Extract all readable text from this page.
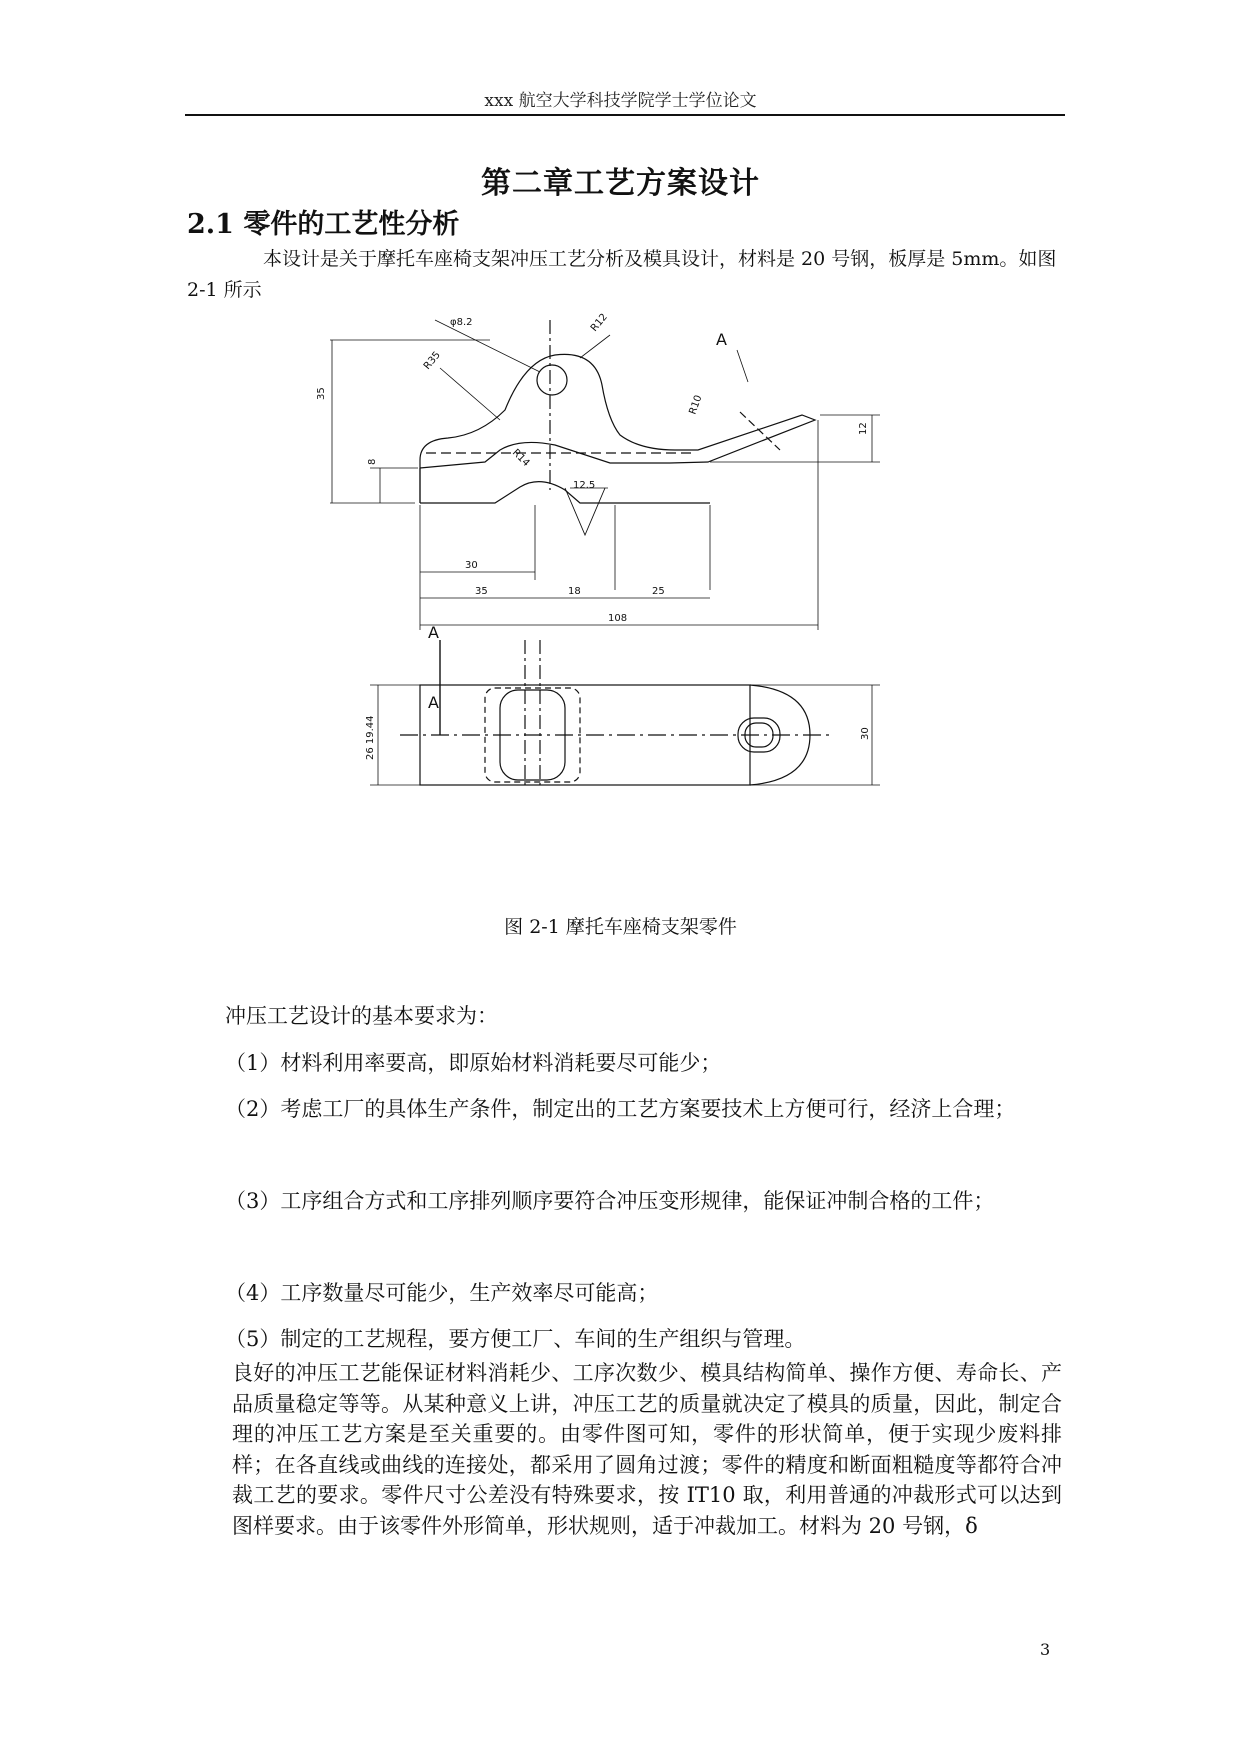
xxx 航空大学科技学院学士学位论文
第二章工艺方案设计
2.1 零件的工艺性分析
本设计是关于摩托车座椅支架冲压工艺分析及模具设计，材料是 20 号钢，板厚是 5mm。如图 2-1 所示
φ8.2	R12
R35
R10
R14
35
8
12
12.5
30
35	18	25
108
30
26 19.44
A
A
A
图 2-1 摩托车座椅支架零件
冲压工艺设计的基本要求为：
（1）材料利用率要高，即原始材料消耗要尽可能少；
（2）考虑工厂的具体生产条件，制定出的工艺方案要技术上方便可行，经济上合理；
（3）工序组合方式和工序排列顺序要符合冲压变形规律，能保证冲制合格的工件；
（4）工序数量尽可能少，生产效率尽可能高；
（5）制定的工艺规程，要方便工厂、车间的生产组织与管理。
良好的冲压工艺能保证材料消耗少、工序次数少、模具结构简单、操作方便、寿命长、产品质量稳定等等。从某种意义上讲，冲压工艺的质量就决定了模具的质量，因此，制定合理的冲压工艺方案是至关重要的。由零件图可知，零件的形状简单，便于实现少废料排样；在各直线或曲线的连接处，都采用了圆角过渡；零件的精度和断面粗糙度等都符合冲裁工艺的要求。零件尺寸公差没有特殊要求，按 IT10 取，利用普通的冲裁形式可以达到图样要求。由于该零件外形简单，形状规则，适于冲裁加工。材料为 20 号钢，δ
3
